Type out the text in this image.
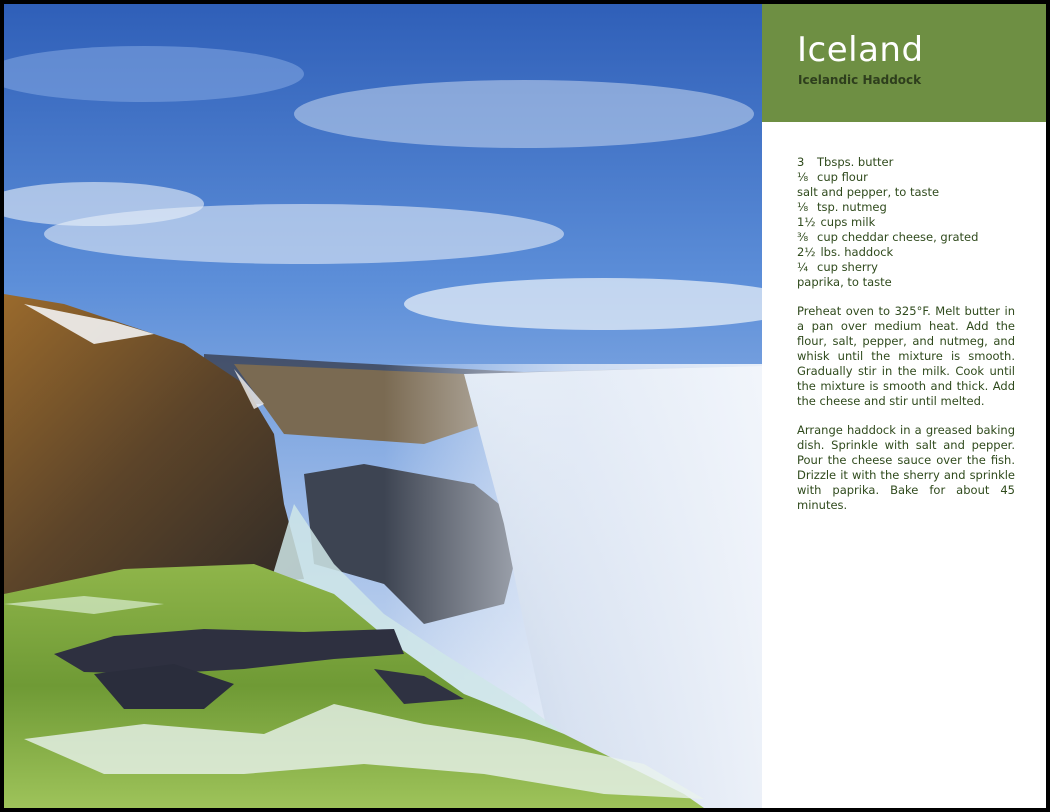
Iceland
Icelandic Haddock
3 Tbsps. butter
⅛ cup flour
salt and pepper, to taste
⅛ tsp. nutmeg
1½ cups milk
⅜ cup cheddar cheese, grated
2½ lbs. haddock
¼ cup sherry
paprika, to taste

Preheat oven to 325°F. Melt butter in a pan over medium heat. Add the flour, salt, pepper, and nutmeg, and whisk until the mixture is smooth. Gradually stir in the milk. Cook until the mixture is smooth and thick. Add the cheese and stir until melted.

Arrange haddock in a greased baking dish. Sprinkle with salt and pepper. Pour the cheese sauce over the fish. Drizzle it with the sherry and sprinkle with paprika. Bake for about 45 minutes.
